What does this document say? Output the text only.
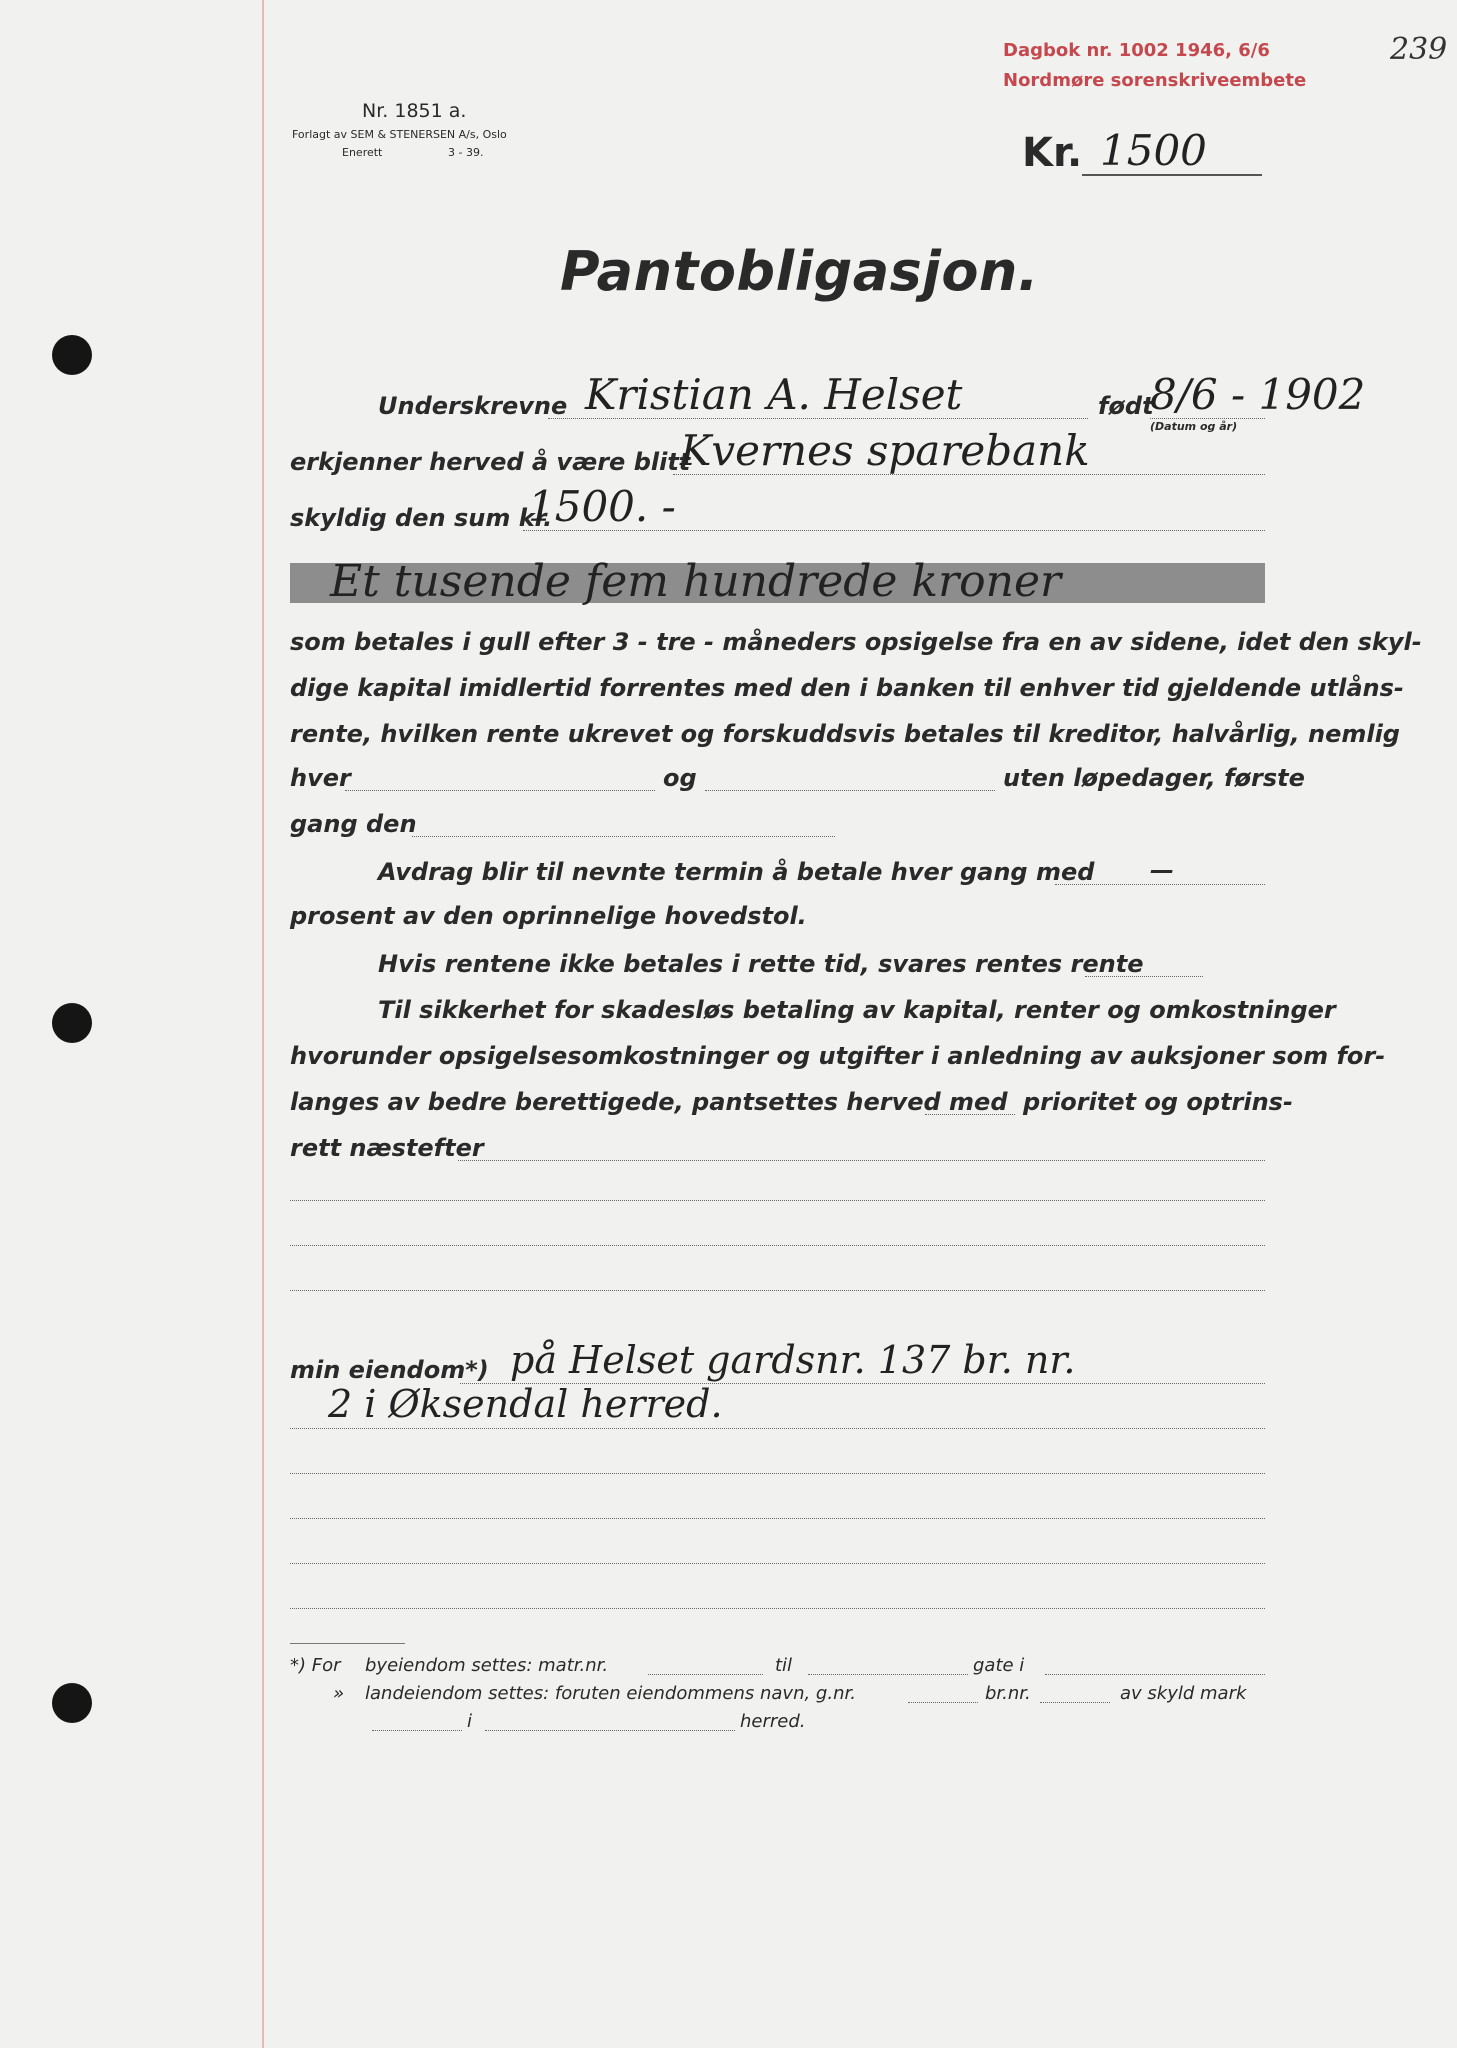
Dagbok nr. 1002 1946, 6/6
Nordmøre sorenskriveembete
239
Nr. 1851 a.
Forlagt av SEM & STENERSEN A/s, Oslo
Enerett	3 - 39.	Kr. 1500
Pantobligasjon.
Underskrevne Kristian A. Helset	født
8/6 - 1902
(Datum og år)
erkjenner herved å være blitt
Kvernes sparebank
skyldig den sum kr.
1500. -
Et tusende fem hundrede kroner
som betales i gull efter 3 - tre - måneders opsigelse fra en av sidene, idet den skyl-
dige kapital imidlertid forrentes med den i banken til enhver tid gjeldende utlåns-
rente, hvilken rente ukrevet og forskuddsvis betales til kreditor, halvårlig, nemlig
hver	og	uten løpedager, første
gang den
Avdrag blir til nevnte termin å betale hver gang med —
prosent av den oprinnelige hovedstol.
Hvis rentene ikke betales i rette tid, svares rentes rente
Til sikkerhet for skadesløs betaling av kapital, renter og omkostninger
hvorunder opsigelsesomkostninger og utgifter i anledning av auksjoner som for-
langes av bedre berettigede, pantsettes herved med prioritet og optrins-
rett næstefter
min eiendom*) på Helset gardsnr. 137 br. nr.
2 i Øksendal herred.
*) For byeiendom settes: matr.nr.	til	gate i
» landeiendom settes: foruten eiendommens navn, g.nr.	br.nr.	av skyld mark
i	herred.
